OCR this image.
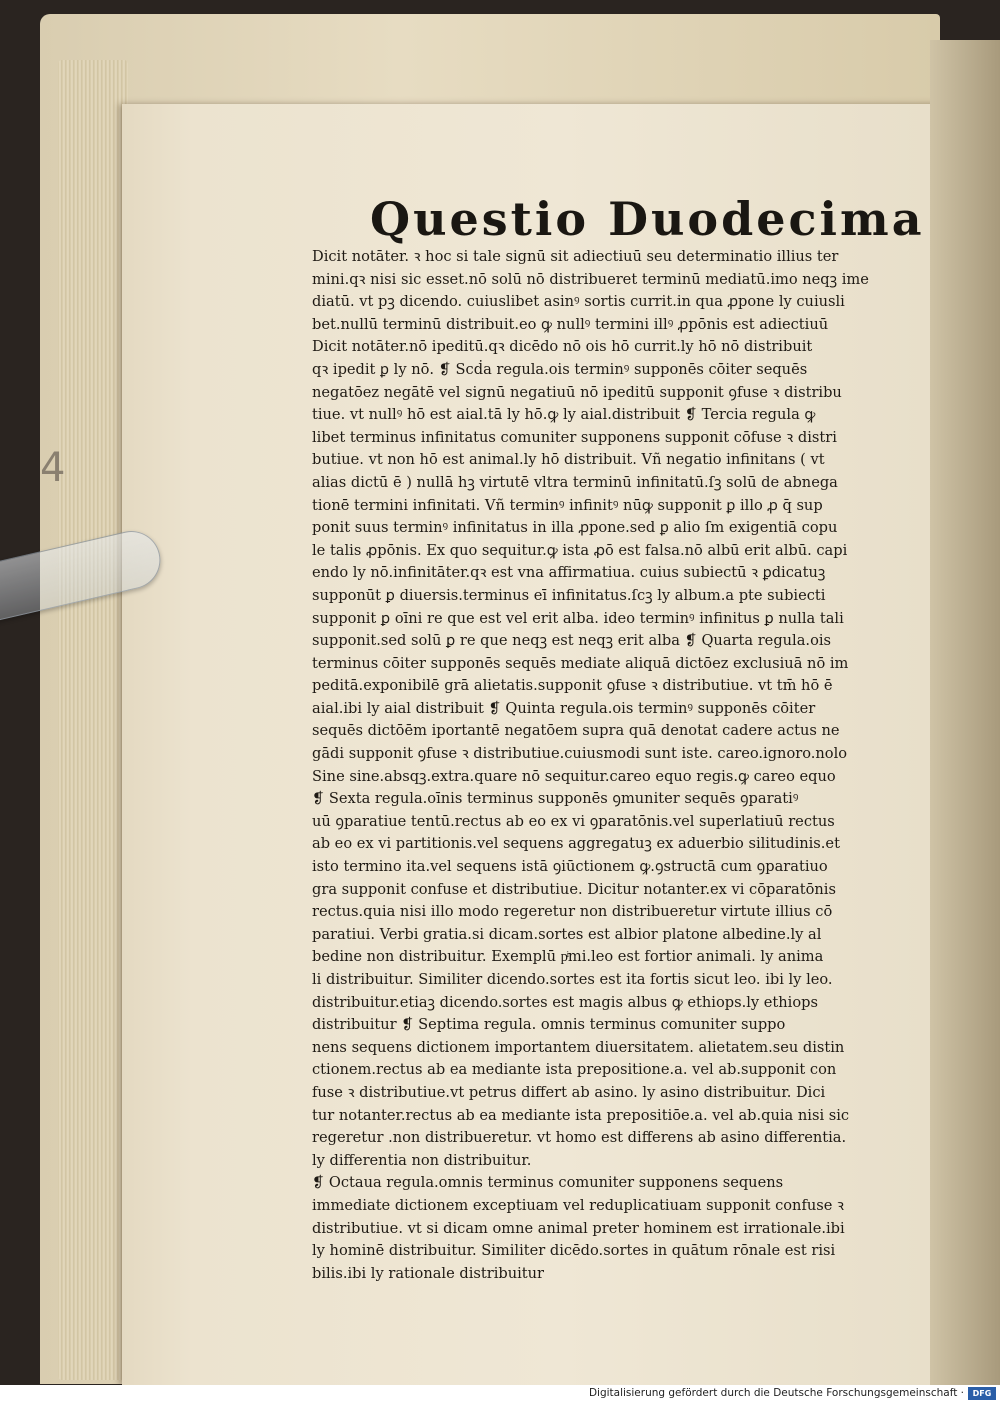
4
Questio Duodecima
Dicit notāter. ꝛ hoc si tale signū sit adiectiuū seu determinatio illius ter
mini.qꝛ nisi sic esset.nō solū nō distribueret terminū mediatū.imo neqꝫ ime
diatū. vt pꝫ dicendo. cuiuslibet asinꝰ sortis currit.in qua ꝓpone ly cuiusli
bet.nullū terminū distribuit.eo ꝙ nullꝰ termini illꝰ ꝓpōnis est adiectiuū
Dicit notāter.nō ipeditū.qꝛ dicēdo nō ois hō currit.ly hō nō distribuit
qꝛ ipedit ꝑ ly nō. ❡ Scḋa regula.ois terminꝰ supponēs cōiter sequēs
negatōez negātē vel signū negatiuū nō ipeditū supponit ꝯfuse ꝛ distribu
tiue. vt nullꝰ hō est aial.tā ly hō.ꝙ ly aial.distribuit ❡ Tercia regula ꝙ
libet terminus infinitatus comuniter supponens supponit cōfuse ꝛ distri
butiue. vt non hō est animal.ly hō distribuit. Vñ negatio infinitans ( vt
alias dictū ē ) nullā hꝫ virtutē vltra terminū infinitatū.ſꝫ solū de abnega
tionē termini infinitati. Vñ terminꝰ infinitꝰ nūꝙ supponit ꝑ illo ꝓ q̄ sup
ponit suus terminꝰ infinitatus in illa ꝓpone.sed ꝑ alio ſm exigentiā copu
le talis ꝓpōnis. Ex quo sequitur.ꝙ ista ꝓō est falsa.nō albū erit albū. capi
endo ly nō.infinitāter.qꝛ est vna affirmatiua. cuius subiectū ꝛ ꝑdicatuꝫ
supponūt ꝑ diuersis.terminus eī infinitatus.ſcꝫ ly album.a pte subiecti
supponit ꝑ oīni re que est vel erit alba. ideo terminꝰ infinitus ꝑ nulla tali
supponit.sed solū ꝑ re que neqꝫ est neqꝫ erit alba ❡ Quarta regula.ois
terminus cōiter supponēs sequēs mediate aliquā dictōez exclusiuā nō im
peditā.exponibilē grā alietatis.supponit ꝯfuse ꝛ distributiue. vt tm̄ hō ē
aial.ibi ly aial distribuit ❡ Quinta regula.ois terminꝰ supponēs cōiter
sequēs dictōēm iportantē negatōem supra quā denotat cadere actus ne
gādi supponit ꝯfuse ꝛ distributiue.cuiusmodi sunt iste. careo.ignoro.nolo
Sine sine.absqꝫ.extra.quare nō sequitur.careo equo regis.ꝙ careo equo
❡ Sexta regula.oīnis terminus supponēs ꝯmuniter sequēs ꝯparatiꝰ
uū ꝯparatiue tentū.rectus ab eo ex vi ꝯparatōnis.vel superlatiuū rectus
ab eo ex vi partitionis.vel sequens aggregatuꝫ ex aduerbio silitudinis.et
isto termino ita.vel sequens istā ꝯiūctionem ꝙ.ꝯstructā cum ꝯparatiuo
gra supponit confuse et distributiue. Dicitur notanter.ex vi cōparatōnis
rectus.quia nisi illo modo regeretur non distribueretur virtute illius cō
paratiui. Verbi gratia.si dicam.sortes est albior platone albedine.ly al
bedine non distribuitur. Exemplū pͥmi.leo est fortior animali. ly anima
li distribuitur. Similiter dicendo.sortes est ita fortis sicut leo. ibi ly leo.
distribuitur.etiaꝫ dicendo.sortes est magis albus ꝙ ethiops.ly ethiops
distribuitur ❡ Septima regula. omnis terminus comuniter suppo
nens sequens dictionem importantem diuersitatem. alietatem.seu distin
ctionem.rectus ab ea mediante ista prepositione.a. vel ab.supponit con
fuse ꝛ distributiue.vt petrus differt ab asino. ly asino distribuitur. Dici
tur notanter.rectus ab ea mediante ista prepositiōe.a. vel ab.quia nisi sic
regeretur .non distribueretur. vt homo est differens ab asino differentia.
ly differentia non distribuitur.
❡ Octaua regula.omnis terminus comuniter supponens sequens
immediate dictionem exceptiuam vel reduplicatiuam supponit confuse ꝛ
distributiue. vt si dicam omne animal preter hominem est irrationale.ibi
ly hominē distribuitur. Similiter dicēdo.sortes in quātum rōnale est risi
bilis.ibi ly rationale distribuitur
Digitalisierung gefördert durch die Deutsche Forschungsgemeinschaft ·	DFG
